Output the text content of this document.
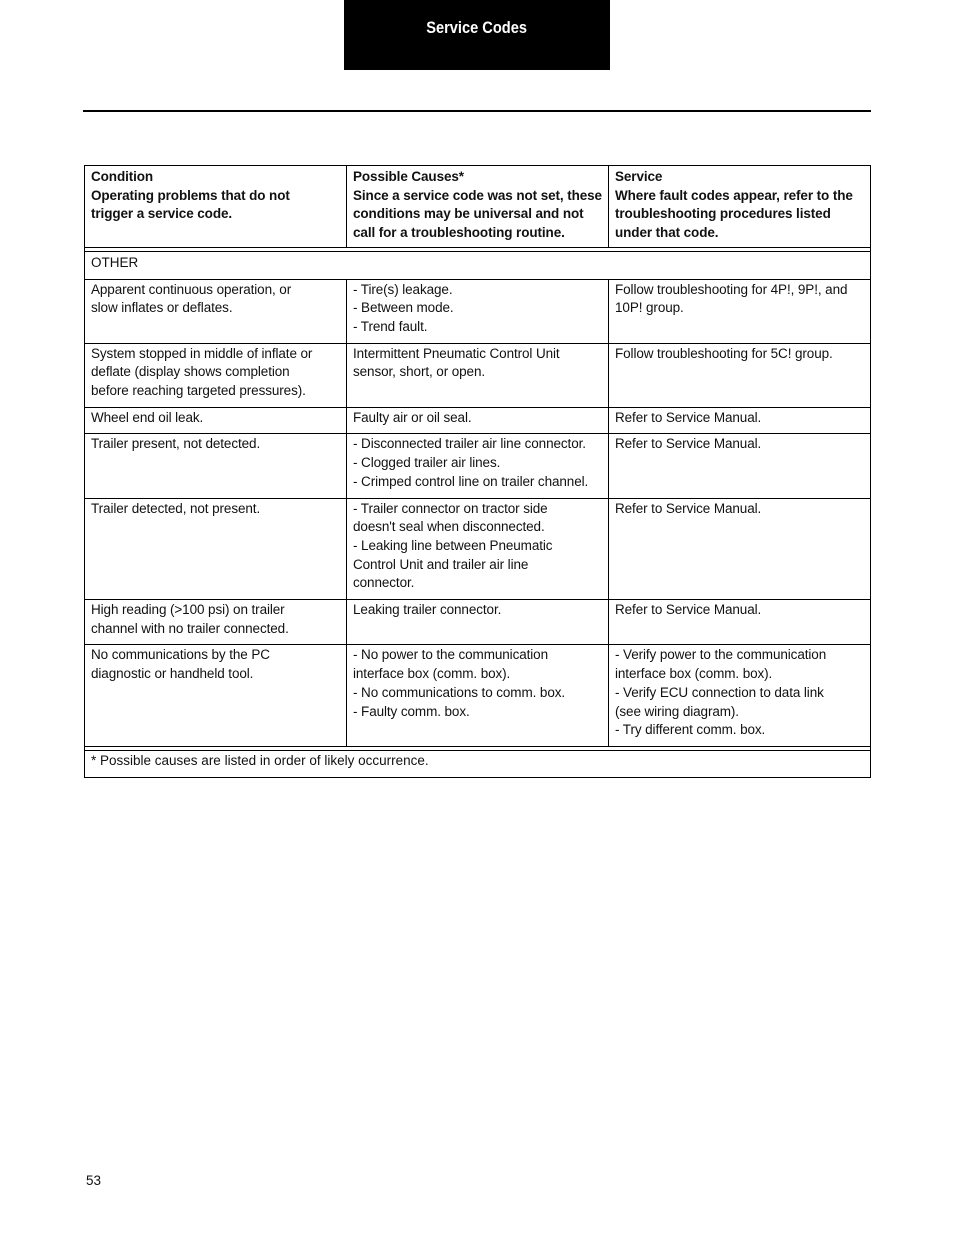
Service Codes
Condition
Operating problems that do not
trigger a service code.	Possible Causes*
Since a service code was not set, these
conditions may be universal and not
call for a troubleshooting routine.	Service
Where fault codes appear, refer to the
troubleshooting procedures listed
under that code.

OTHER		

Apparent continuous operation, or
slow inflates or deflates.	- Tire(s) leakage.
- Between mode.
- Trend fault.	Follow troubleshooting for 4P!, 9P!, and
10P! group.

System stopped in middle of inflate or
deflate (display shows completion
before reaching targeted pressures).	Intermittent Pneumatic Control Unit
sensor, short, or open.	Follow troubleshooting for 5C! group.

Wheel end oil leak.	Faulty air or oil seal.	Refer to Service Manual.

Trailer present, not detected.	- Disconnected trailer air line connector.
- Clogged trailer air lines.
- Crimped control line on trailer channel.	Refer to Service Manual.

Trailer detected, not present.	- Trailer connector on tractor side
doesn't seal when disconnected.
- Leaking line between Pneumatic
Control Unit and trailer air line
connector.	Refer to Service Manual.

High reading (>100 psi) on trailer
channel with no trailer connected.	Leaking trailer connector.	Refer to Service Manual.

No communications by the PC
diagnostic or handheld tool.	- No power to the communication
interface box (comm. box).
- No communications to comm. box.
- Faulty comm. box.	- Verify power to the communication
interface box (comm. box).
- Verify ECU connection to data link
(see wiring diagram).
- Try different comm. box.

* Possible causes are listed in order of likely occurrence.		
53
